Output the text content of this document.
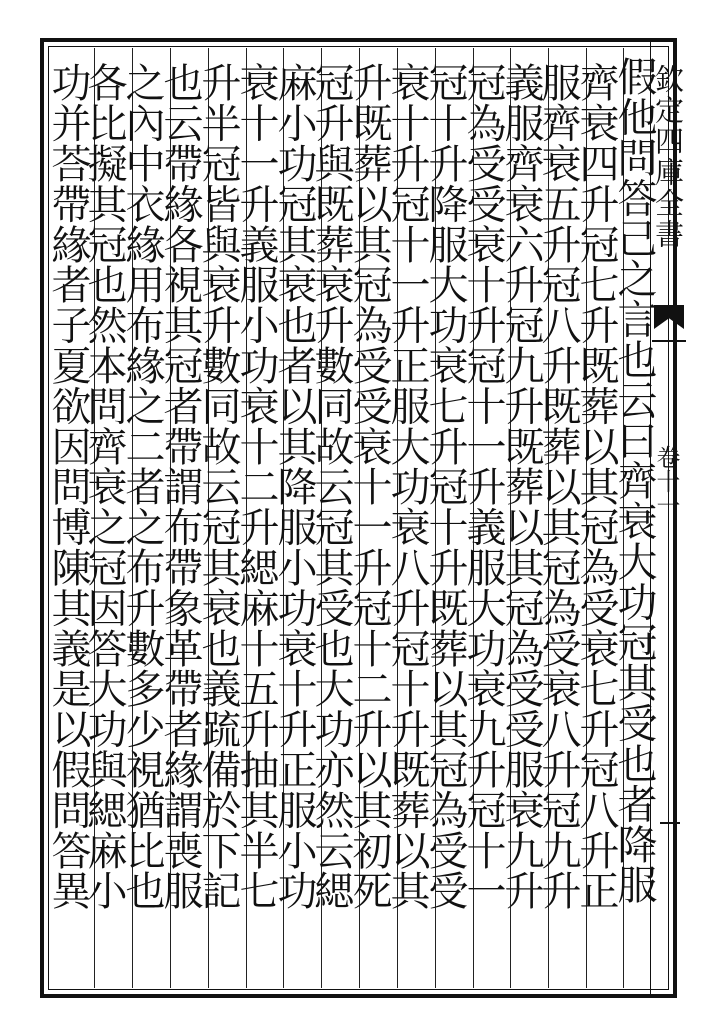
欽定四庫全書
卷十一
假他問答己之言也云曰齊衰大功冠其受也者降服
齊衰四升冠七升既葬以其冠為受衰七升冠八升正
服齊衰五升冠八升既葬以其冠為受衰八升冠九升
義服齊衰六升冠九升既葬以其冠為受受服衰九升
冠為受受衰十升冠十一升義服大功衰九升冠十一
冠十升降服大功衰七升冠十升既葬以其冠為受受
衰十升冠十一升正服大功衰八升冠十升既葬以其
升既葬以其冠為受受衰十一升冠十二升以其初死
冠升與既葬衰升數同故云冠其受也大功亦然云緦
麻小功冠其衰也者以其降服小功衰十升正服小功
衰十一升義服小功衰十二升緦麻十五升抽其半七
升半冠皆與衰升數同故云冠其衰也義䟽備於下記
也云帶緣各視其冠者帶謂布帶象革帶者緣謂喪服
之內中衣緣用布緣之二者之布升數多少視猶比也
各比擬其冠也然本問齊衰之冠因答大功與緦麻小
功并荅帶緣者子夏欲因問博陳其義是以假問答異
